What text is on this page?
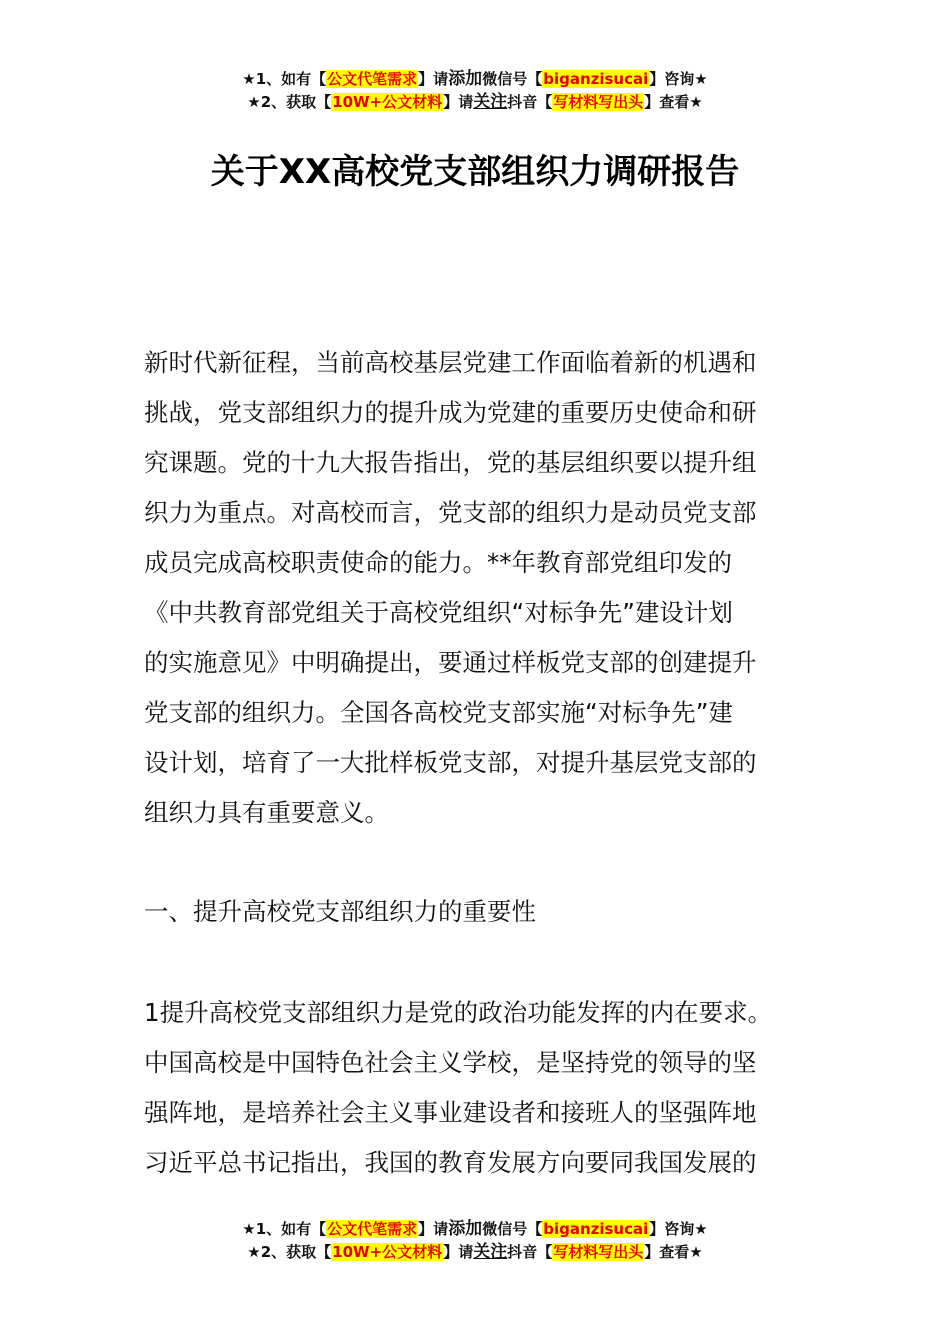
★1、如有【公文代笔需求】请添加微信号【biganzisucai】咨询★
★2、获取【10W+公文材料】请关注抖音【写材料写出头】查看★
关于XX高校党支部组织力调研报告
新时代新征程，当前高校基层党建工作面临着新的机遇和
挑战，党支部组织力的提升成为党建的重要历史使命和研
究课题。党的十九大报告指出，党的基层组织要以提升组
织力为重点。对高校而言，党支部的组织力是动员党支部
成员完成高校职责使命的能力。**年教育部党组印发的
《中共教育部党组关于高校党组织“对标争先”建设计划
的实施意见》中明确提出，要通过样板党支部的创建提升
党支部的组织力。全国各高校党支部实施“对标争先”建
设计划，培育了一大批样板党支部，对提升基层党支部的
组织力具有重要意义。
一、提升高校党支部组织力的重要性
1提升高校党支部组织力是党的政治功能发挥的内在要求。
中国高校是中国特色社会主义学校，是坚持党的领导的坚
强阵地，是培养社会主义事业建设者和接班人的坚强阵地
习近平总书记指出，我国的教育发展方向要同我国发展的
★1、如有【公文代笔需求】请添加微信号【biganzisucai】咨询★
★2、获取【10W+公文材料】请关注抖音【写材料写出头】查看★
